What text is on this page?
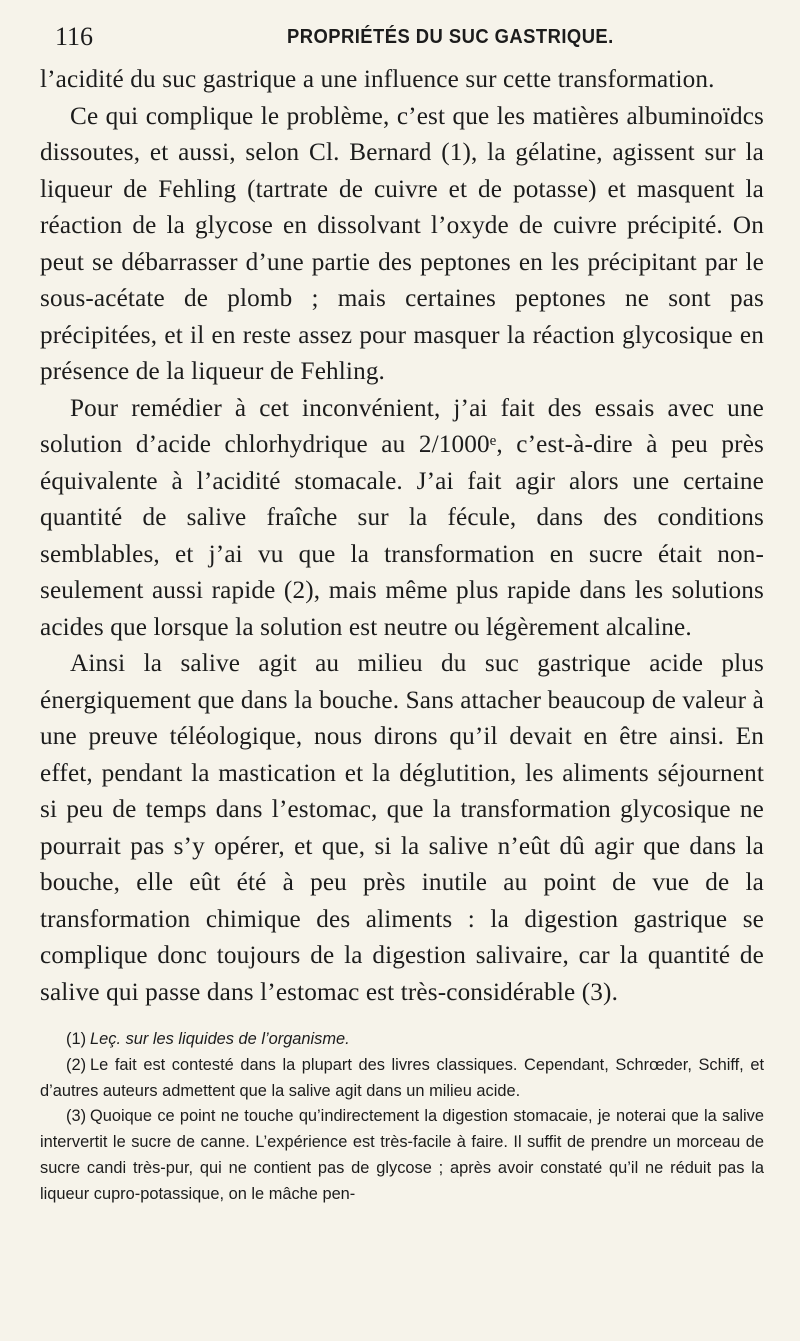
116	PROPRIÉTÉS DU SUC GASTRIQUE.

l’acidité du suc gastrique a une influence sur cette transformation.

Ce qui complique le problème, c’est que les matières albuminoïdcs dissoutes, et aussi, selon Cl. Bernard (1), la gélatine, agissent sur la liqueur de Fehling (tartrate de cuivre et de potasse) et masquent la réaction de la glycose en dissolvant l’oxyde de cuivre précipité. On peut se débarrasser d’une partie des peptones en les précipitant par le sous-acétate de plomb ; mais certaines peptones ne sont pas précipitées, et il en reste assez pour masquer la réaction glycosique en présence de la liqueur de Fehling.

Pour remédier à cet inconvénient, j’ai fait des essais avec une solution d’acide chlorhydrique au 2/1000ᵉ, c’est-à-dire à peu près équivalente à l’acidité stomacale. J’ai fait agir alors une certaine quantité de salive fraîche sur la fécule, dans des conditions semblables, et j’ai vu que la transformation en sucre était non-seulement aussi rapide (2), mais même plus rapide dans les solutions acides que lorsque la solution est neutre ou légèrement alcaline.

Ainsi la salive agit au milieu du suc gastrique acide plus énergiquement que dans la bouche. Sans attacher beaucoup de valeur à une preuve téléologique, nous dirons qu’il devait en être ainsi. En effet, pendant la mastication et la déglutition, les aliments séjournent si peu de temps dans l’estomac, que la transformation glycosique ne pourrait pas s’y opérer, et que, si la salive n’eût dû agir que dans la bouche, elle eût été à peu près inutile au point de vue de la transformation chimique des aliments : la digestion gastrique se complique donc toujours de la digestion salivaire, car la quantité de salive qui passe dans l’estomac est très-considérable (3).

(1) Leç. sur les liquides de l’organisme.

(2) Le fait est contesté dans la plupart des livres classiques. Cependant, Schrœder, Schiff, et d’autres auteurs admettent que la salive agit dans un milieu acide.

(3) Quoique ce point ne touche qu’indirectement la digestion stomacaie, je noterai que la salive intervertit le sucre de canne. L’expérience est très-facile à faire. Il suffit de prendre un morceau de sucre candi très-pur, qui ne contient pas de glycose ; après avoir constaté qu’il ne réduit pas la liqueur cupro-potassique, on le mâche pen-
